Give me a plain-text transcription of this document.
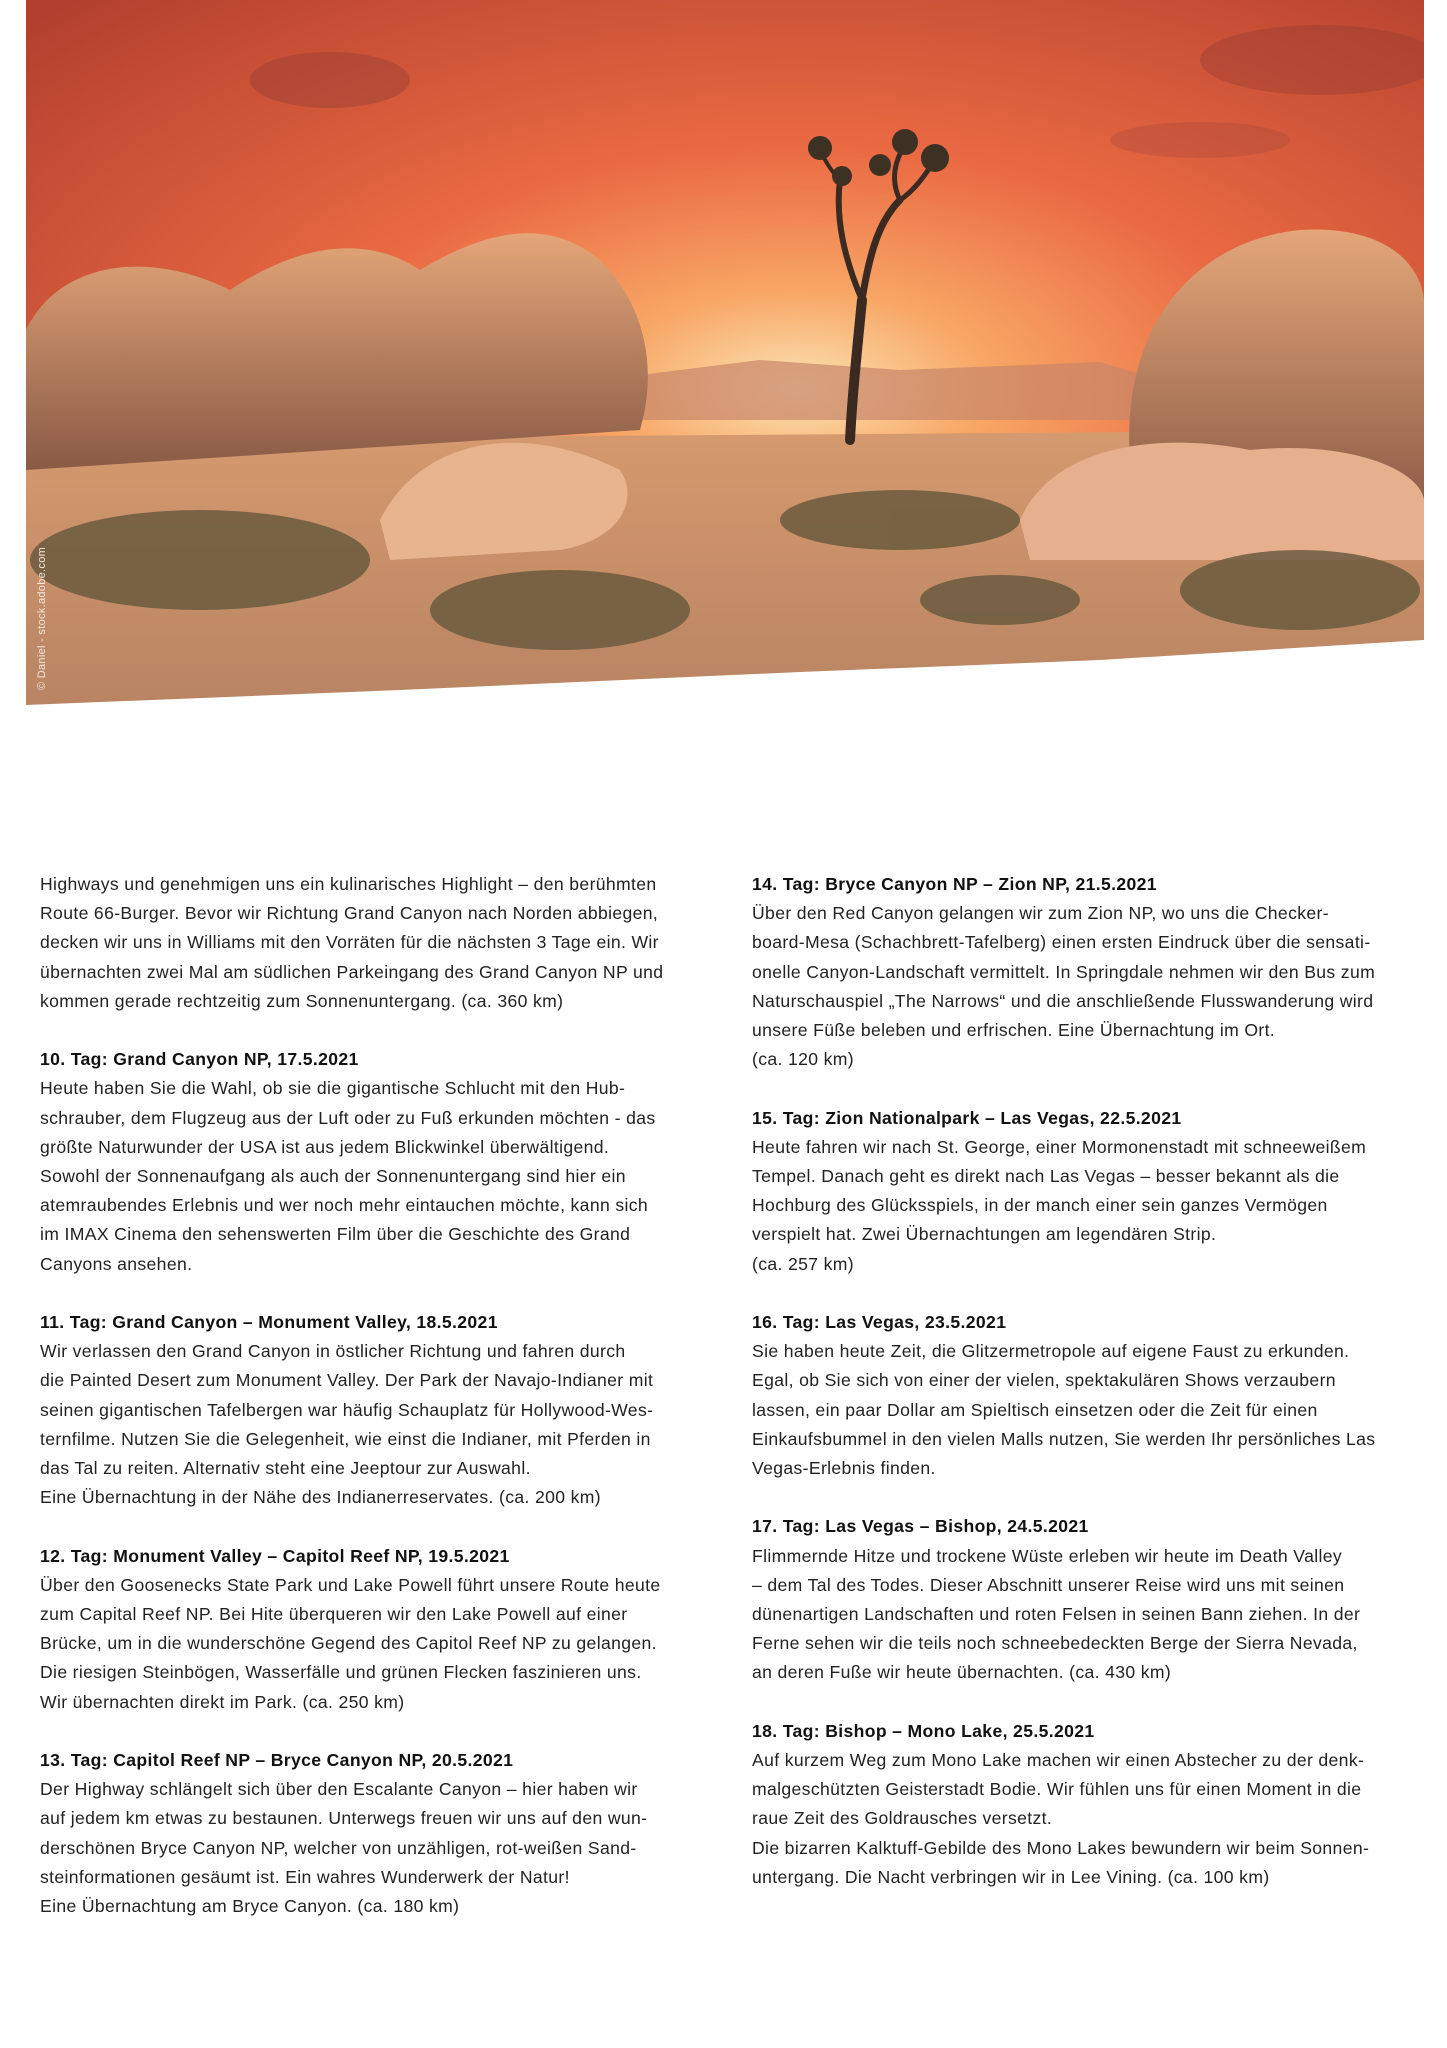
© Daniel - stock.adobe.com

Highways und genehmigen uns ein kulinarisches Highlight – den berühmten

Route 66-Burger. Bevor wir Richtung Grand Canyon nach Norden abbiegen,

decken wir uns in Williams mit den Vorräten für die nächsten 3 Tage ein. Wir

übernachten zwei Mal am südlichen Parkeingang des Grand Canyon NP und

kommen gerade rechtzeitig zum Sonnenuntergang. (ca. 360 km)

10. Tag: Grand Canyon NP, 17.5.2021

Heute haben Sie die Wahl, ob sie die gigantische Schlucht mit den Hub-

schrauber, dem Flugzeug aus der Luft oder zu Fuß erkunden möchten - das

größte Naturwunder der USA ist aus jedem Blickwinkel überwältigend.

Sowohl der Sonnenaufgang als auch der Sonnenuntergang sind hier ein

atemraubendes Erlebnis und wer noch mehr eintauchen möchte, kann sich

im IMAX Cinema den sehenswerten Film über die Geschichte des Grand

Canyons ansehen.

11. Tag: Grand Canyon – Monument Valley, 18.5.2021

Wir verlassen den Grand Canyon in östlicher Richtung und fahren durch

die Painted Desert zum Monument Valley. Der Park der Navajo-Indianer mit

seinen gigantischen Tafelbergen war häufig Schauplatz für Hollywood-Wes-

ternfilme. Nutzen Sie die Gelegenheit, wie einst die Indianer, mit Pferden in

das Tal zu reiten. Alternativ steht eine Jeeptour zur Auswahl.

Eine Übernachtung in der Nähe des Indianerreservates. (ca. 200 km)

12. Tag: Monument Valley – Capitol Reef NP, 19.5.2021

Über den Goosenecks State Park und Lake Powell führt unsere Route heute

zum Capital Reef NP. Bei Hite überqueren wir den Lake Powell auf einer

Brücke, um in die wunderschöne Gegend des Capitol Reef NP zu gelangen.

Die riesigen Steinbögen, Wasserfälle und grünen Flecken faszinieren uns.

Wir übernachten direkt im Park. (ca. 250 km)

13. Tag: Capitol Reef NP – Bryce Canyon NP, 20.5.2021

Der Highway schlängelt sich über den Escalante Canyon – hier haben wir

auf jedem km etwas zu bestaunen. Unterwegs freuen wir uns auf den wun-

derschönen Bryce Canyon NP, welcher von unzähligen, rot-weißen Sand-

steinformationen gesäumt ist. Ein wahres Wunderwerk der Natur!

Eine Übernachtung am Bryce Canyon. (ca. 180 km)

14. Tag: Bryce Canyon NP – Zion NP, 21.5.2021

Über den Red Canyon gelangen wir zum Zion NP, wo uns die Checker-

board-Mesa (Schachbrett-Tafelberg) einen ersten Eindruck über die sensati-

onelle Canyon-Landschaft vermittelt. In Springdale nehmen wir den Bus zum

Naturschauspiel „The Narrows“ und die anschließende Flusswanderung wird

unsere Füße beleben und erfrischen. Eine Übernachtung im Ort.

(ca. 120 km)

15. Tag: Zion Nationalpark – Las Vegas, 22.5.2021

Heute fahren wir nach St. George, einer Mormonenstadt mit schneeweißem

Tempel. Danach geht es direkt nach Las Vegas – besser bekannt als die

Hochburg des Glücksspiels, in der manch einer sein ganzes Vermögen

verspielt hat. Zwei Übernachtungen am legendären Strip.

(ca. 257 km)

16. Tag: Las Vegas, 23.5.2021

Sie haben heute Zeit, die Glitzermetropole auf eigene Faust zu erkunden.

Egal, ob Sie sich von einer der vielen, spektakulären Shows verzaubern

lassen, ein paar Dollar am Spieltisch einsetzen oder die Zeit für einen

Einkaufsbummel in den vielen Malls nutzen, Sie werden Ihr persönliches Las

Vegas-Erlebnis finden.

17. Tag: Las Vegas – Bishop, 24.5.2021

Flimmernde Hitze und trockene Wüste erleben wir heute im Death Valley

– dem Tal des Todes. Dieser Abschnitt unserer Reise wird uns mit seinen

dünenartigen Landschaften und roten Felsen in seinen Bann ziehen. In der

Ferne sehen wir die teils noch schneebedeckten Berge der Sierra Nevada,

an deren Fuße wir heute übernachten. (ca. 430 km)

18. Tag: Bishop – Mono Lake, 25.5.2021

Auf kurzem Weg zum Mono Lake machen wir einen Abstecher zu der denk-

malgeschützten Geisterstadt Bodie. Wir fühlen uns für einen Moment in die

raue Zeit des Goldrausches versetzt.

Die bizarren Kalktuff-Gebilde des Mono Lakes bewundern wir beim Sonnen-

untergang. Die Nacht verbringen wir in Lee Vining. (ca. 100 km)
